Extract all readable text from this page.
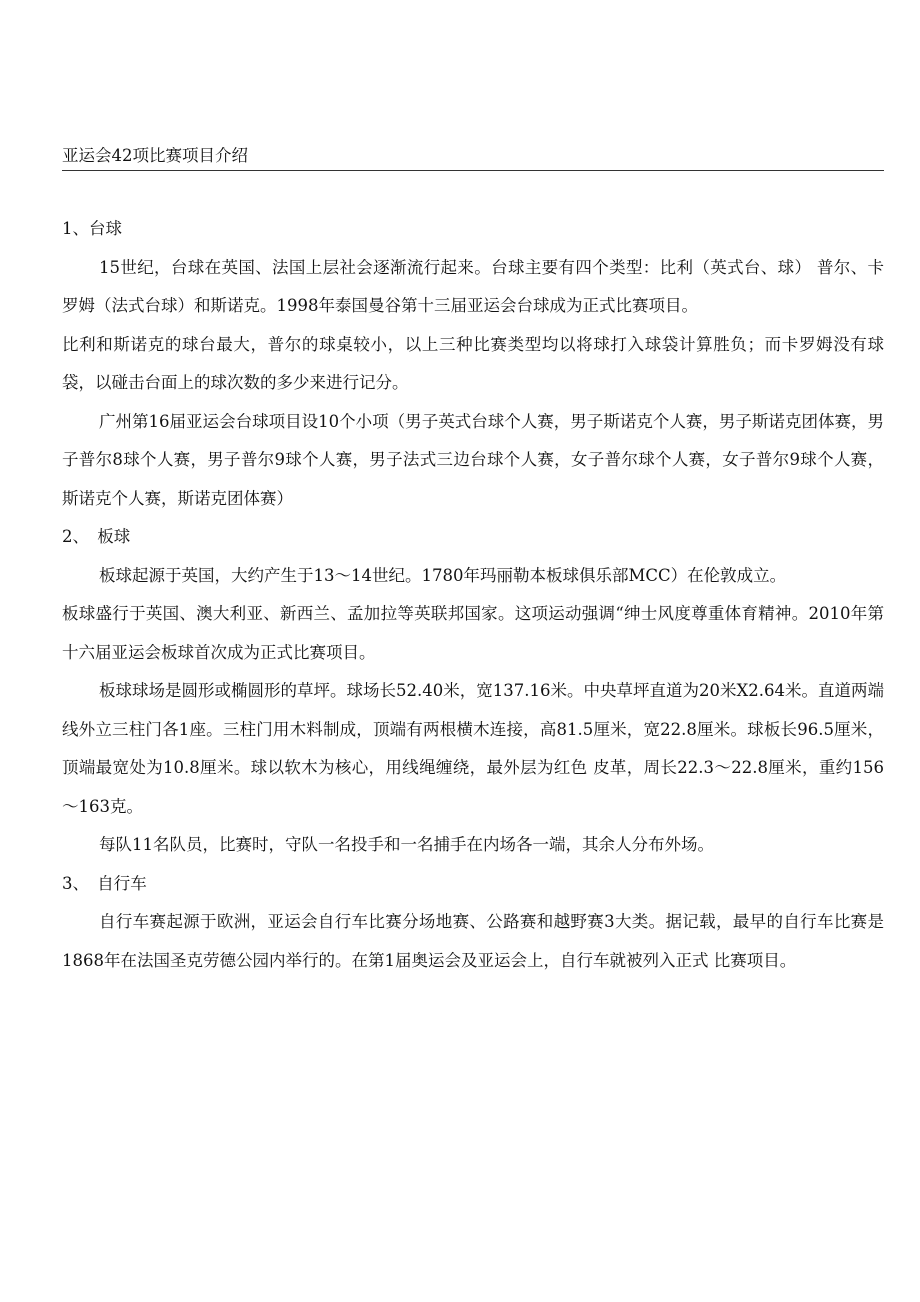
亚运会42项比赛项目介绍

1、台球

15世纪，台球在英国、法国上层社会逐渐流行起来。台球主要有四个类型：比利（英式台、球） 普尔、卡罗姆（法式台球）和斯诺克。1998年泰国曼谷第十三届亚运会台球成为正式比赛项目。

比利和斯诺克的球台最大，普尔的球桌较小，以上三种比赛类型均以将球打入球袋计算胜负；而卡罗姆没有球袋，以碰击台面上的球次数的多少来进行记分。

广州第16届亚运会台球项目设10个小项（男子英式台球个人赛，男子斯诺克个人赛，男子斯诺克团体赛，男子普尔8球个人赛，男子普尔9球个人赛，男子法式三边台球个人赛，女子普尔球个人赛，女子普尔9球个人赛，斯诺克个人赛，斯诺克团体赛）

2、　板球

板球起源于英国，大约产生于13～14世纪。1780年玛丽勒本板球俱乐部MCC）在伦敦成立。

板球盛行于英国、澳大利亚、新西兰、孟加拉等英联邦国家。这项运动强调“绅士风度尊重体育精神。2010年第十六届亚运会板球首次成为正式比赛项目。

板球球场是圆形或椭圆形的草坪。球场长52.40米，宽137.16米。中央草坪直道为20米X2.64米。直道两端线外立三柱门各1座。三柱门用木料制成，顶端有两根横木连接，高81.5厘米，宽22.8厘米。球板长96.5厘米，顶端最宽处为10.8厘米。球以软木为核心，用线绳缠绕，最外层为红色 皮革，周长22.3～22.8厘米，重约156～163克。

每队11名队员，比赛时，守队一名投手和一名捕手在内场各一端，其余人分布外场。

3、　自行车

自行车赛起源于欧洲，亚运会自行车比赛分场地赛、公路赛和越野赛3大类。据记载，最早的自行车比赛是1868年在法国圣克劳德公园内举行的。在第1届奥运会及亚运会上，自行车就被列入正式 比赛项目。
